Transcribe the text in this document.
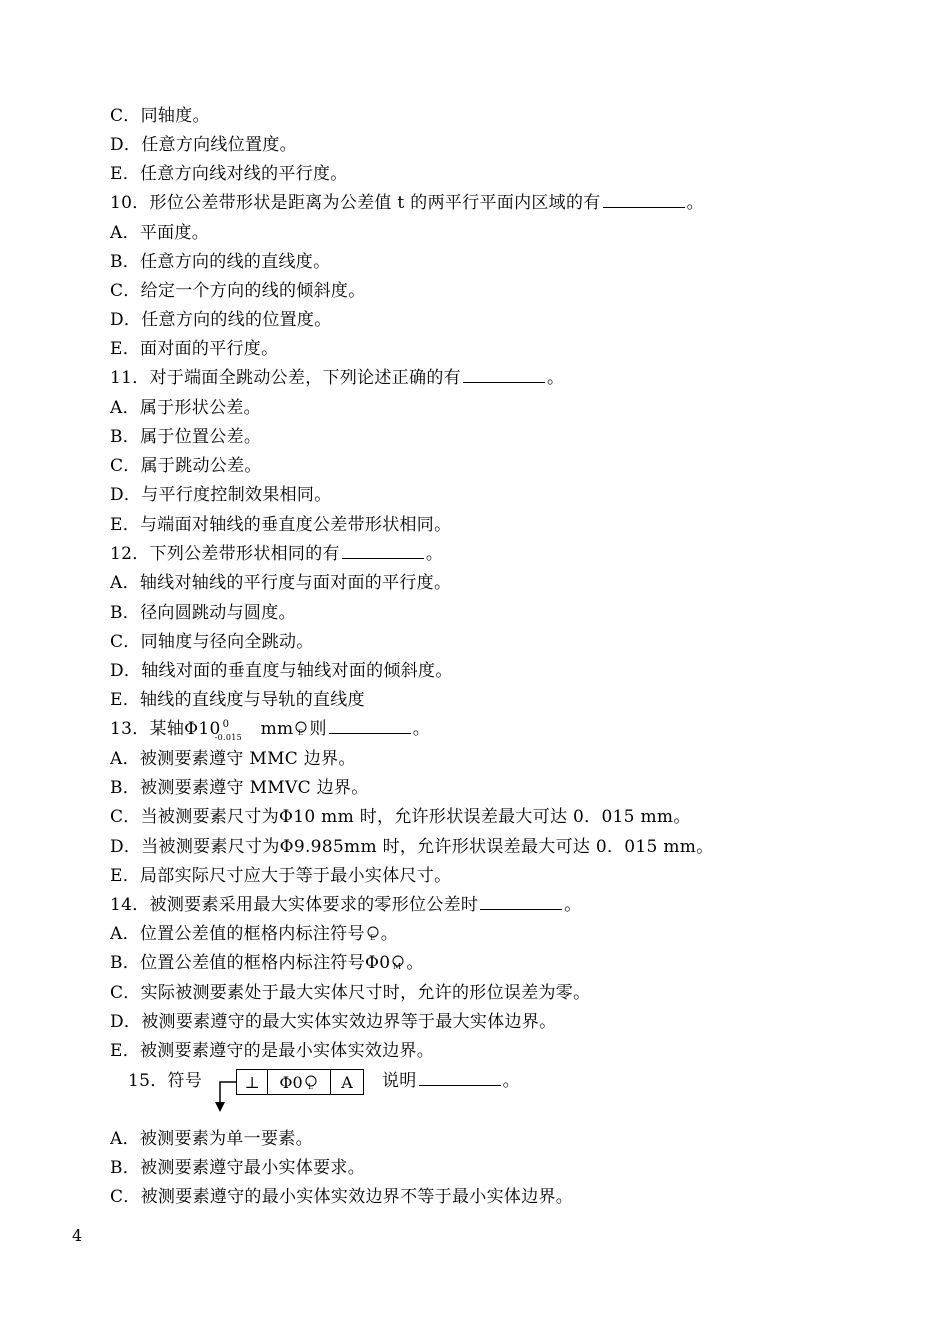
C．同轴度。
D．任意方向线位置度。
E．任意方向线对线的平行度。
10．形位公差带形状是距离为公差值 t 的两平行平面内区域的有	。
A．平面度。
B．任意方向的线的直线度。
C．给定一个方向的线的倾斜度。
D．任意方向的线的位置度。
E．面对面的平行度。
11．对于端面全跳动公差，下列论述正确的有	。
A．属于形状公差。
B．属于位置公差。
C．属于跳动公差。
D．与平行度控制效果相同。
E．与端面对轴线的垂直度公差带形状相同。
12．下列公差带形状相同的有	。
A．轴线对轴线的平行度与面对面的平行度。
B．径向圆跳动与圆度。
C．同轴度与径向全跳动。
D．轴线对面的垂直度与轴线对面的倾斜度。
E．轴线的直线度与导轨的直线度
13．某轴Φ10 0
-0.015 mm E 则	。
A．被测要素遵守 MMC 边界。
B．被测要素遵守 MMVC 边界。
C．当被测要素尺寸为Φ10 mm 时，允许形状误差最大可达 0．015 mm。
D．当被测要素尺寸为Φ9.985mm 时，允许形状误差最大可达 0．015 mm。
E．局部实际尺寸应大于等于最小实体尺寸。
14．被测要素采用最大实体要求的零形位公差时	。
A．位置公差值的框格内标注符号 E 。
B．位置公差值的框格内标注符号Φ0 M 。
C．实际被测要素处于最大实体尺寸时，允许的形位误差为零。
D．被测要素遵守的最大实体实效边界等于最大实体边界。
E．被测要素遵守的是最小实体实效边界。
15．符号	⊥	Φ0 L	A	说明	。
A．被测要素为单一要素。
B．被测要素遵守最小实体要求。
C．被测要素遵守的最小实体实效边界不等于最小实体边界。
4
